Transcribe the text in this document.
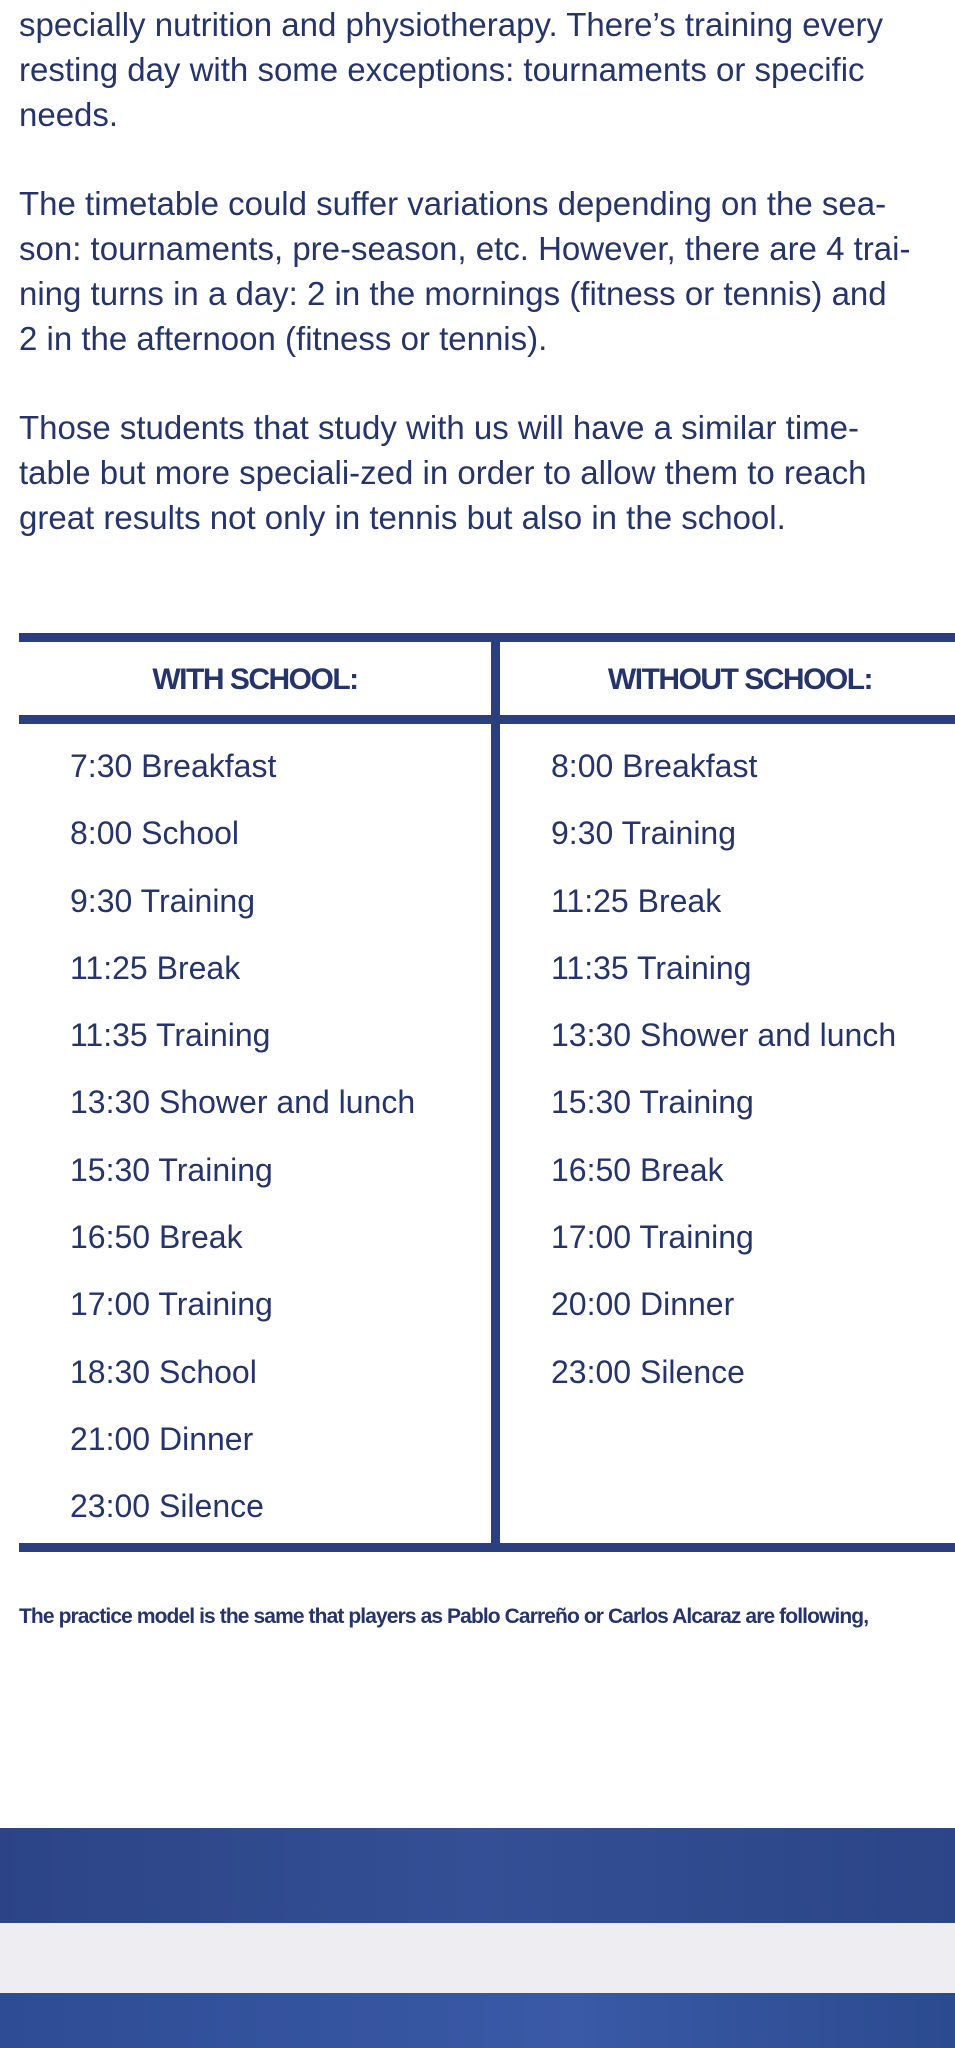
specially nutrition and physiotherapy. There’s training every
resting day with some exceptions: tournaments or specific
needs.

The timetable could suffer variations depending on the sea-
son: tournaments, pre-season, etc. However, there are 4 trai-
ning turns in a day: 2 in the mornings (fitness or tennis) and
2 in the afternoon (fitness or tennis).

Those students that study with us will have a similar time-
table but more speciali-zed in order to allow them to reach
great results not only in tennis but also in the school.

WITH SCHOOL:	WITHOUT SCHOOL:
7:30 Breakfast
8:00 School
9:30 Training
11:25 Break
11:35 Training
13:30 Shower and lunch
15:30 Training
16:50 Break
17:00 Training
18:30 School
21:00 Dinner
23:00 Silence
8:00 Breakfast
9:30 Training
11:25 Break
11:35 Training
13:30 Shower and lunch
15:30 Training
16:50 Break
17:00 Training
20:00 Dinner
23:00 Silence

The practice model is the same that players as Pablo Carreño or Carlos Alcaraz are following,
